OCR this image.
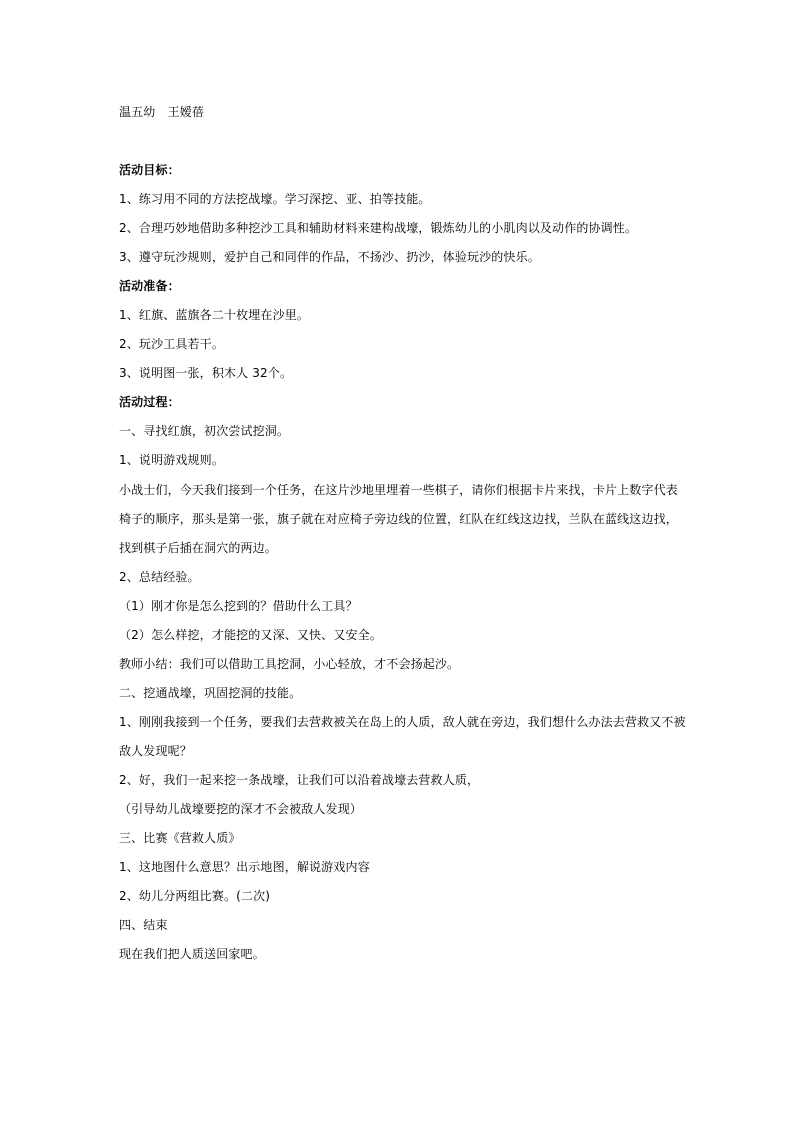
温五幼　王嫒蓓
活动目标：
1、练习用不同的方法挖战壕。学习深挖、亚、拍等技能。
2、合理巧妙地借助多种挖沙工具和辅助材料来建构战壕，锻炼幼儿的小肌肉以及动作的协调性。
3、遵守玩沙规则，爱护自己和同伴的作品，不扬沙、扔沙，体验玩沙的快乐。
活动准备：
1、红旗、蓝旗各二十枚埋在沙里。
2、玩沙工具若干。
3、说明图一张，积木人 32个。
活动过程：
一、寻找红旗，初次尝试挖洞。
1、说明游戏规则。
小战士们，今天我们接到一个任务，在这片沙地里埋着一些棋子，请你们根据卡片来找，卡片上数字代表
椅子的顺序，那头是第一张，旗子就在对应椅子旁边线的位置，红队在红线这边找，兰队在蓝线这边找，
找到棋子后插在洞穴的两边。
2、总结经验。
（1）刚才你是怎么挖到的？借助什么工具？
（2）怎么样挖，才能挖的又深、又快、又安全。
教师小结：我们可以借助工具挖洞，小心轻放，才不会扬起沙。
二、挖通战壕，巩固挖洞的技能。
1、刚刚我接到一个任务，要我们去营救被关在岛上的人质，敌人就在旁边，我们想什么办法去营救又不被
敌人发现呢？
2、好，我们一起来挖一条战壕，让我们可以沿着战壕去营救人质，
（引导幼儿战壕要挖的深才不会被敌人发现）
三、比赛《营救人质》
1、这地图什么意思？出示地图，解说游戏内容
2、幼儿分两组比赛。(二次)
四、结束
现在我们把人质送回家吧。
